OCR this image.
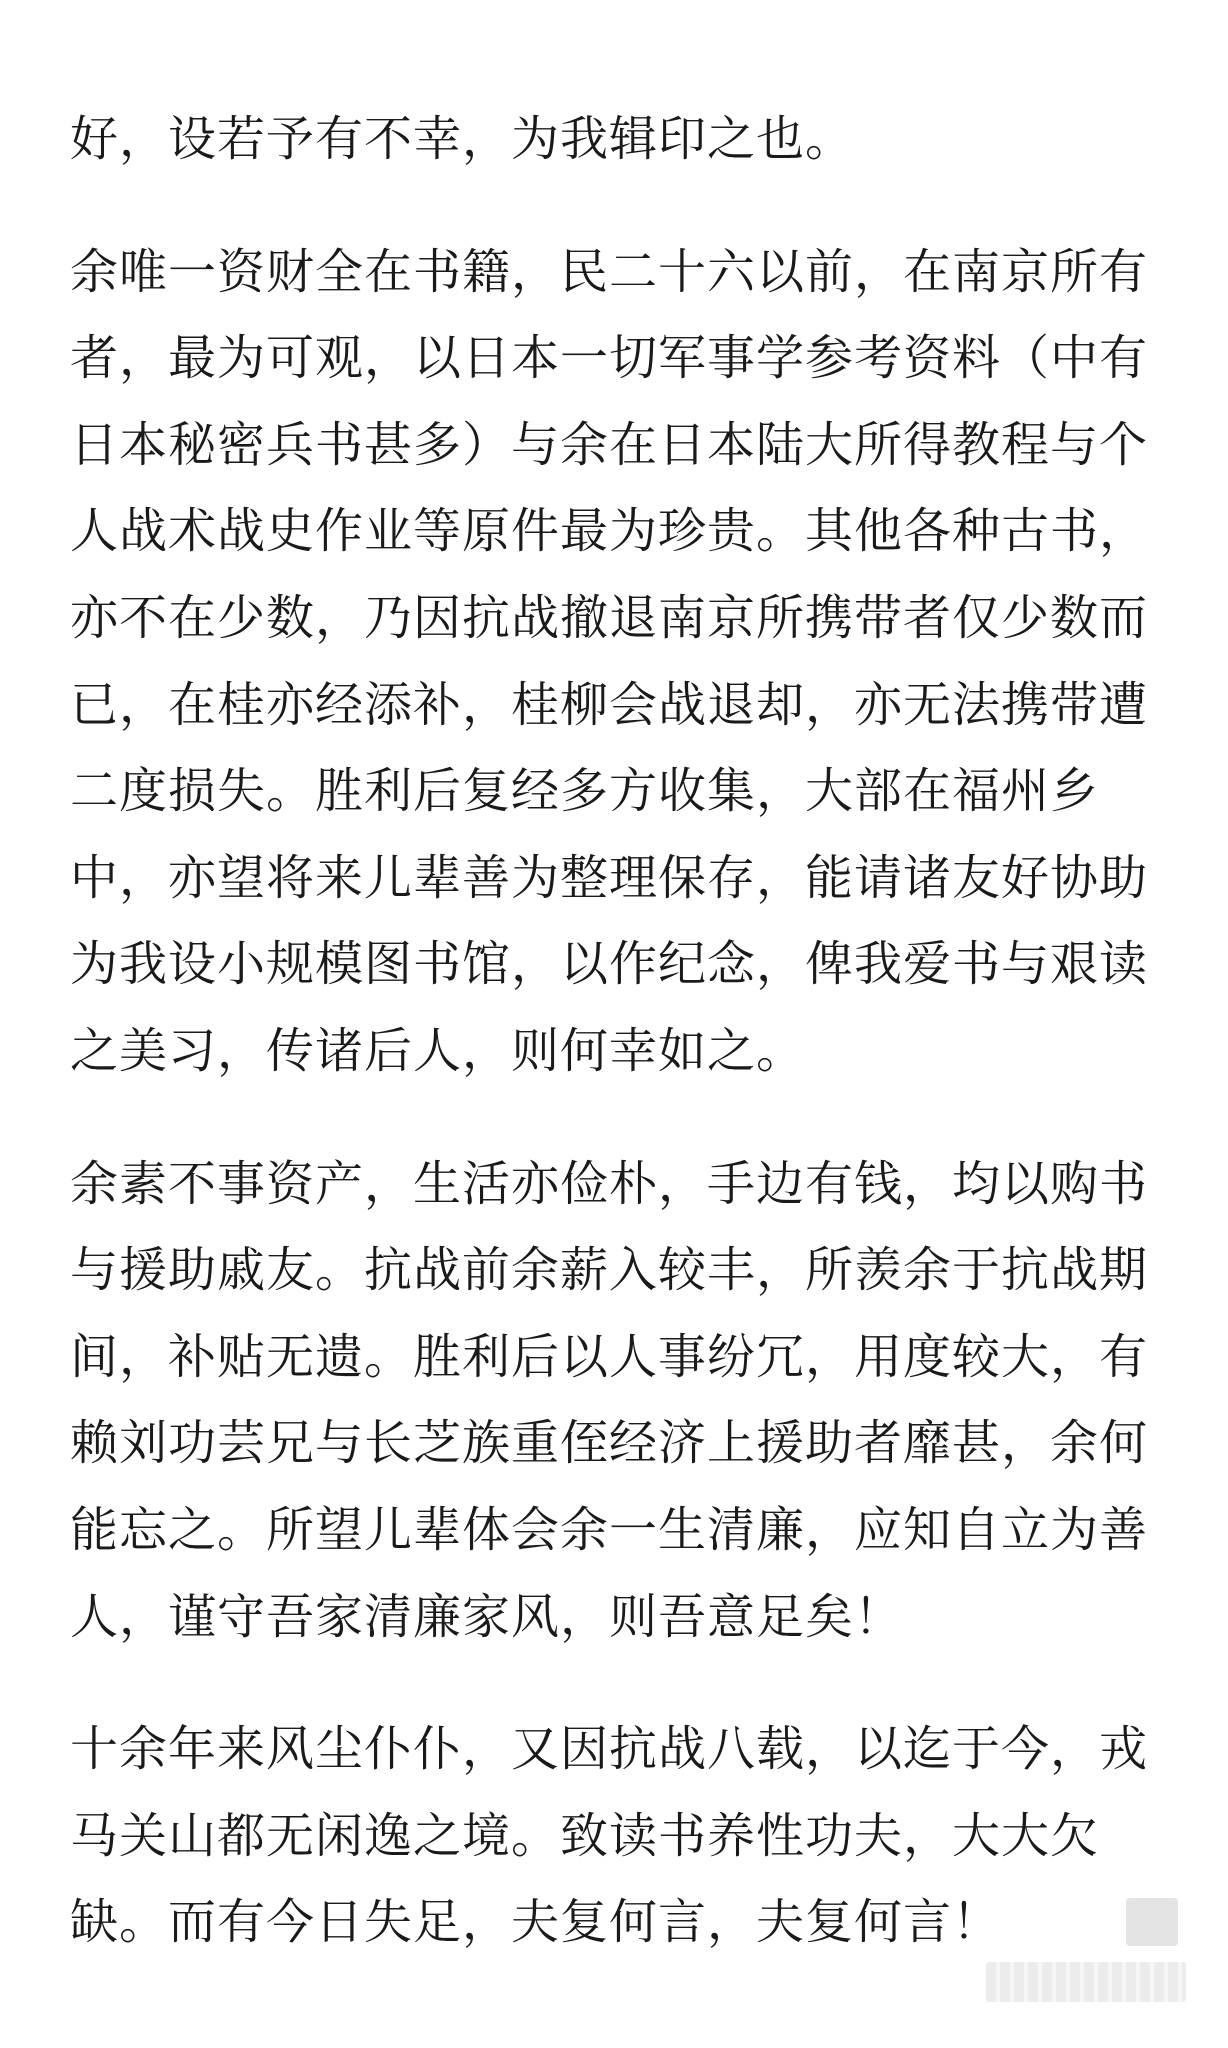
好，设若予有不幸，为我辑印之也。

余唯一资财全在书籍，民二十六以前，在南京所有
者，最为可观，以日本一切军事学参考资料（中有
日本秘密兵书甚多）与余在日本陆大所得教程与个
人战术战史作业等原件最为珍贵。其他各种古书，
亦不在少数，乃因抗战撤退南京所携带者仅少数而
已，在桂亦经添补，桂柳会战退却，亦无法携带遭
二度损失。胜利后复经多方收集，大部在福州乡
中，亦望将来儿辈善为整理保存，能请诸友好协助
为我设小规模图书馆，以作纪念，俾我爱书与艰读
之美习，传诸后人，则何幸如之。

余素不事资产，生活亦俭朴，手边有钱，均以购书
与援助戚友。抗战前余薪入较丰，所羡余于抗战期
间，补贴无遗。胜利后以人事纷冗，用度较大，有
赖刘功芸兄与长芝族重侄经济上援助者靡甚，余何
能忘之。所望儿辈体会余一生清廉，应知自立为善
人，谨守吾家清廉家风，则吾意足矣！

十余年来风尘仆仆，又因抗战八载，以迄于今，戎
马关山都无闲逸之境。致读书养性功夫，大大欠
缺。而有今日失足，夫复何言，夫复何言！
